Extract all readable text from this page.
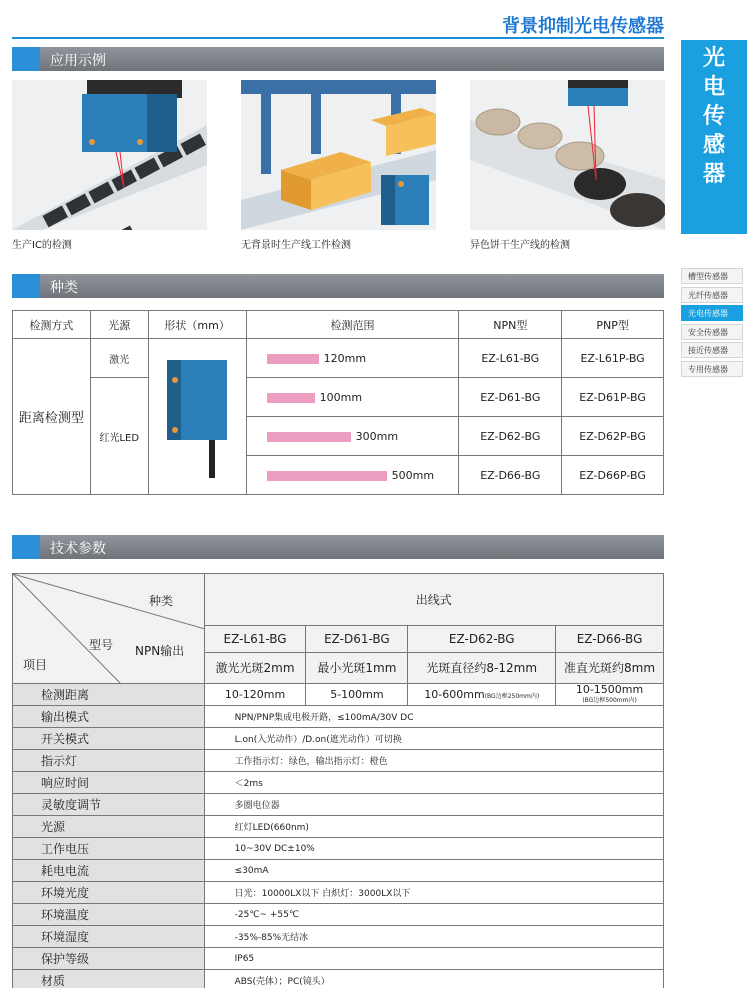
背景抑制光电传感器
光
电
传
感
器
槽型传感器
光纤传感器
光电传感器
安全传感器
接近传感器
专用传感器
应用示例
生产IC的检测	无背景时生产线工件检测	异色饼干生产线的检测
种类
检测方式	光源	形状（mm）	检测范围	NPN型	PNP型
距离检测型	激光		120mm	EZ-L61-BG	EZ-L61P-BG
	红光LED		100mm	EZ-D61-BG	EZ-D61P-BG
			300mm	EZ-D62-BG	EZ-D62P-BG
			500mm	EZ-D66-BG	EZ-D66P-BG
技术参数
种类
型号 NPN输出
项目	出线式			
	EZ-L61-BG	EZ-D61-BG	EZ-D62-BG	EZ-D66-BG
	激光光斑2mm	最小光斑1mm	光斑直径约8-12mm	准直光斑约8mm
检测距离	10-120mm	5-100mm	10-600mm(BG边框250mm内)	10-1500mm
(BG边框500mm内)
输出模式	NPN/PNP集成电极开路，≤100mA/30V DC			
开关模式	L.on(入光动作）/D.on(遮光动作）可切换			
指示灯	工作指示灯：绿色，输出指示灯：橙色			
响应时间	＜2ms			
灵敏度调节	多圈电位器			
光源	红灯LED(660nm)			
工作电压	10~30V DC±10%			
耗电电流	≤30mA			
环境光度	日光：10000LX以下 白炽灯：3000LX以下			
环境温度	-25℃~ +55℃			
环境湿度	-35%-85%无结冰			
保护等级	IP65			
材质	ABS(壳体）；PC(镜头）			
